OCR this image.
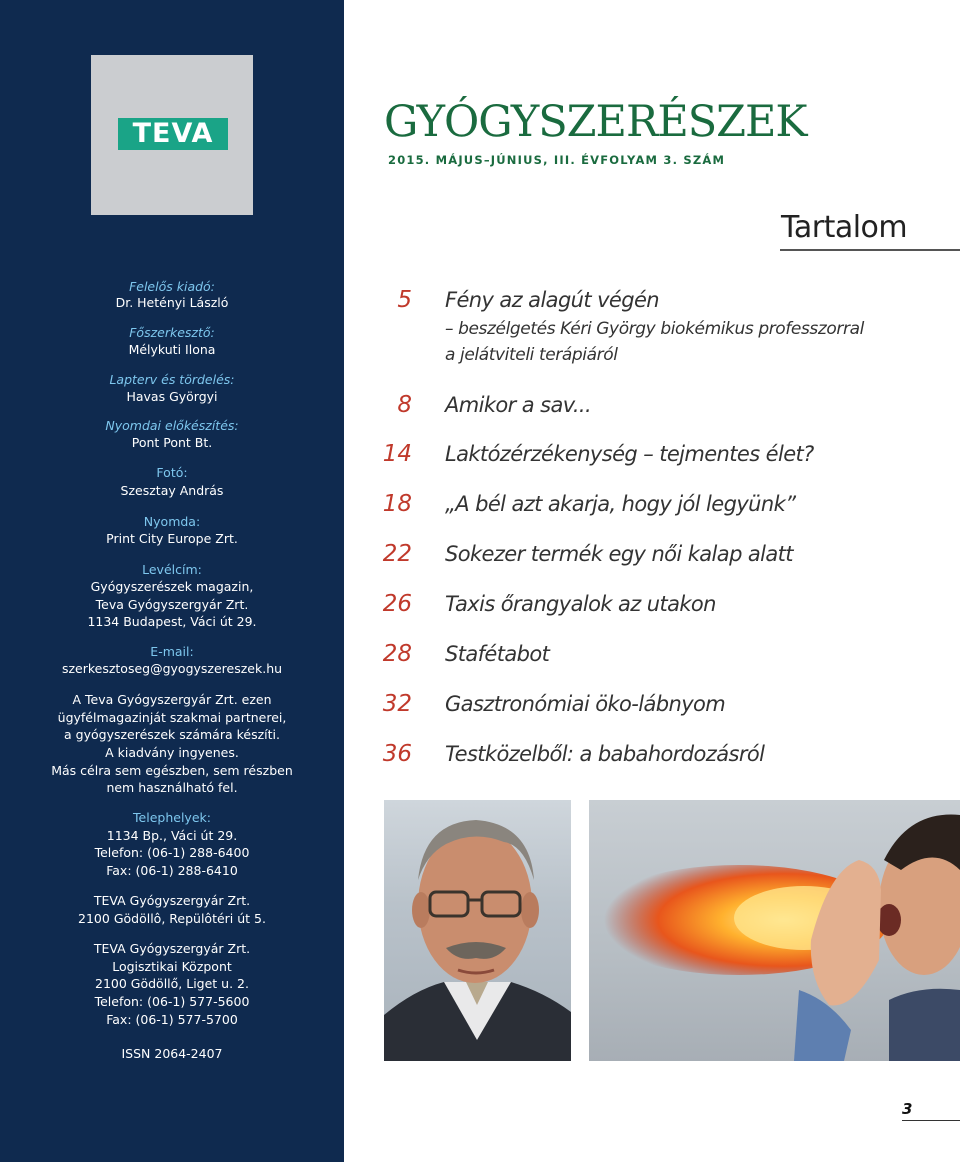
TEVA
Felelős kiadó:
Dr. Hetényi László
Főszerkesztő:
Mélykuti Ilona
Lapterv és tördelés:
Havas Györgyi
Nyomdai előkészítés:
Pont Pont Bt.
Fotó:
Szesztay András
Nyomda:
Print City Europe Zrt.
Levélcím:
Gyógyszerészek magazin,
Teva Gyógyszergyár Zrt.
1134 Budapest, Váci út 29.
E-mail:
szerkesztoseg@gyogyszereszek.hu
A Teva Gyógyszergyár Zrt. ezen
ügyfélmagazinját szakmai partnerei,
a gyógyszerészek számára készíti.
A kiadvány ingyenes.
Más célra sem egészben, sem részben
nem használható fel.
Telephelyek:
1134 Bp., Váci út 29.
Telefon: (06-1) 288-6400
Fax: (06-1) 288-6410
TEVA Gyógyszergyár Zrt.
2100 Gödöllô, Repülôtéri út 5.
TEVA Gyógyszergyár Zrt.
Logisztikai Központ
2100 Gödöllő, Liget u. 2.
Telefon: (06-1) 577-5600
Fax: (06-1) 577-5700
ISSN 2064-2407
GYÓGYSZERÉSZEK
2015. MÁJUS–JÚNIUS, III. ÉVFOLYAM 3. SZÁM
Tartalom
5 Fény az alagút végén
– beszélgetés Kéri György biokémikus professzorral
a jelátviteli terápiáról
8 Amikor a sav...
14 Laktózérzékenység – tejmentes élet?
18 „A bél azt akarja, hogy jól legyünk”
22 Sokezer termék egy női kalap alatt
26 Taxis őrangyalok az utakon
28 Stafétabot
32 Gasztronómiai öko-lábnyom
36 Testközelből: a babahordozásról
3
